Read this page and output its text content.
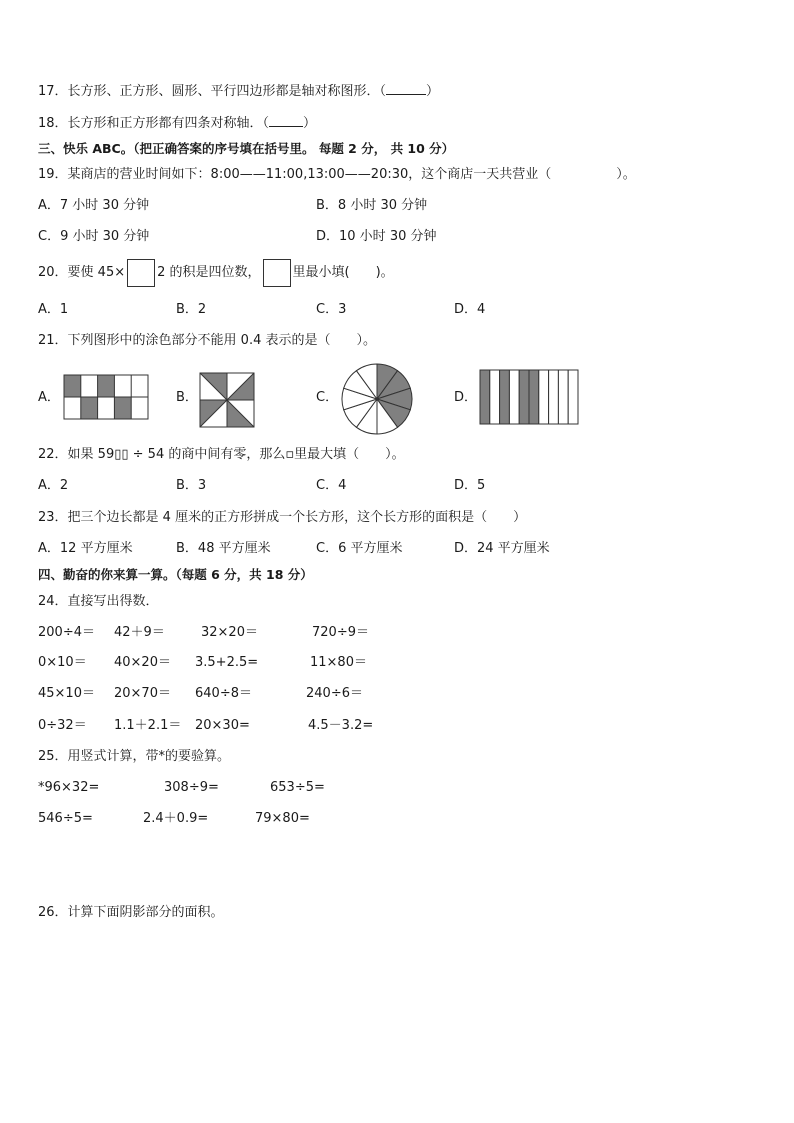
17．长方形、正方形、圆形、平行四边形都是轴对称图形．（	）
18．长方形和正方形都有四条对称轴．（	）
三、快乐 ABC。（把正确答案的序号填在括号里。 每题 2 分， 共 10 分）
19．某商店的营业时间如下：8:00——11:00,13:00——20:30，这个商店一天共营业（　　　　　）。
A．7 小时 30 分钟	B．8 小时 30 分钟
C．9 小时 30 分钟	D．10 小时 30 分钟
20．要使 45× 2 的积是四位数， 里最小填(　　)。
A．1	B．2	C．3	D．4
21．下列图形中的涂色部分不能用 0.4 表示的是（　　）。
A．	B．	C．	D．
22．如果 59▯▯ ÷ 54 的商中间有零，那么▫里最大填（　　）。
A．2	B．3	C．4	D．5
23．把三个边长都是 4 厘米的正方形拼成一个长方形，这个长方形的面积是（　　）
A．12 平方厘米	B．48 平方厘米	C．6 平方厘米	D．24 平方厘米
四、勤奋的你来算一算。（每题 6 分，共 18 分）
24．直接写出得数．
200÷4＝ 42＋9＝	32×20＝	720÷9＝
0×10＝ 40×20＝ 3.5+2.5=	11×80＝
45×10＝ 20×70＝ 640÷8＝	240÷6＝
0÷32＝ 1.1＋2.1＝ 20×30=	4.5－3.2=
25．用竖式计算，带*的要验算。
*96×32=	308÷9=	653÷5=
546÷5=	2.4＋0.9=	79×80=
26．计算下面阴影部分的面积。
